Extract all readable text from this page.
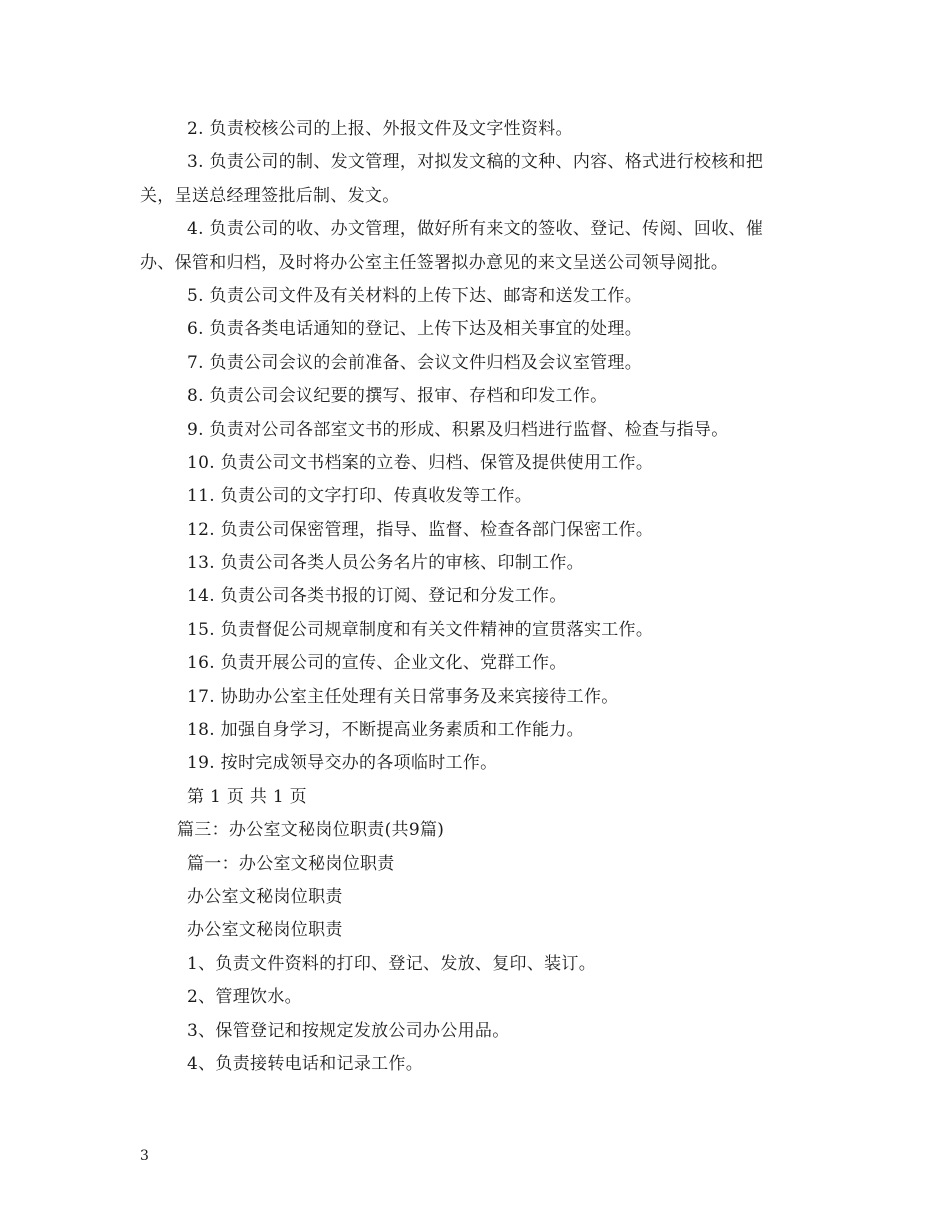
2. 负责校核公司的上报、外报文件及文字性资料。
3. 负责公司的制、发文管理，对拟发文稿的文种、内容、格式进行校核和把
关，呈送总经理签批后制、发文。
4. 负责公司的收、办文管理，做好所有来文的签收、登记、传阅、回收、催
办、保管和归档，及时将办公室主任签署拟办意见的来文呈送公司领导阅批。
5. 负责公司文件及有关材料的上传下达、邮寄和送发工作。
6. 负责各类电话通知的登记、上传下达及相关事宜的处理。
7. 负责公司会议的会前准备、会议文件归档及会议室管理。
8. 负责公司会议纪要的撰写、报审、存档和印发工作。
9. 负责对公司各部室文书的形成、积累及归档进行监督、检查与指导。
10. 负责公司文书档案的立卷、归档、保管及提供使用工作。
11. 负责公司的文字打印、传真收发等工作。
12. 负责公司保密管理，指导、监督、检查各部门保密工作。
13. 负责公司各类人员公务名片的审核、印制工作。
14. 负责公司各类书报的订阅、登记和分发工作。
15. 负责督促公司规章制度和有关文件精神的宣贯落实工作。
16. 负责开展公司的宣传、企业文化、党群工作。
17. 协助办公室主任处理有关日常事务及来宾接待工作。
18. 加强自身学习，不断提高业务素质和工作能力。
19. 按时完成领导交办的各项临时工作。
第 1 页 共 1 页
篇三：办公室文秘岗位职责(共9篇)
篇一：办公室文秘岗位职责
办公室文秘岗位职责
办公室文秘岗位职责
1、负责文件资料的打印、登记、发放、复印、装订。
2、管理饮水。
3、保管登记和按规定发放公司办公用品。
4、负责接转电话和记录工作。
3
